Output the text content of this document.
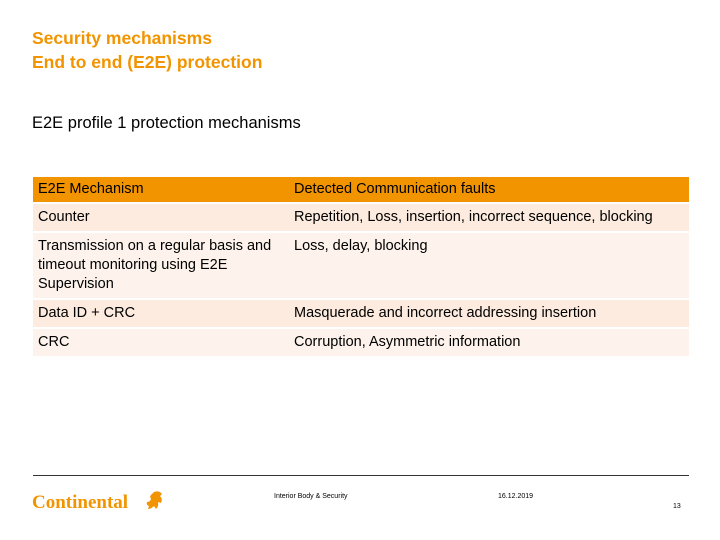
Security mechanisms
End to end (E2E) protection
E2E profile 1 protection mechanisms
E2E Mechanism	Detected Communication faults
Counter	Repetition, Loss, insertion, incorrect sequence, blocking
Transmission on a regular basis and timeout monitoring using E2E Supervision	Loss, delay, blocking
Data ID + CRC	Masquerade and incorrect addressing insertion
CRC	Corruption, Asymmetric information
Continental	Interior Body & Security	16.12.2019
13
